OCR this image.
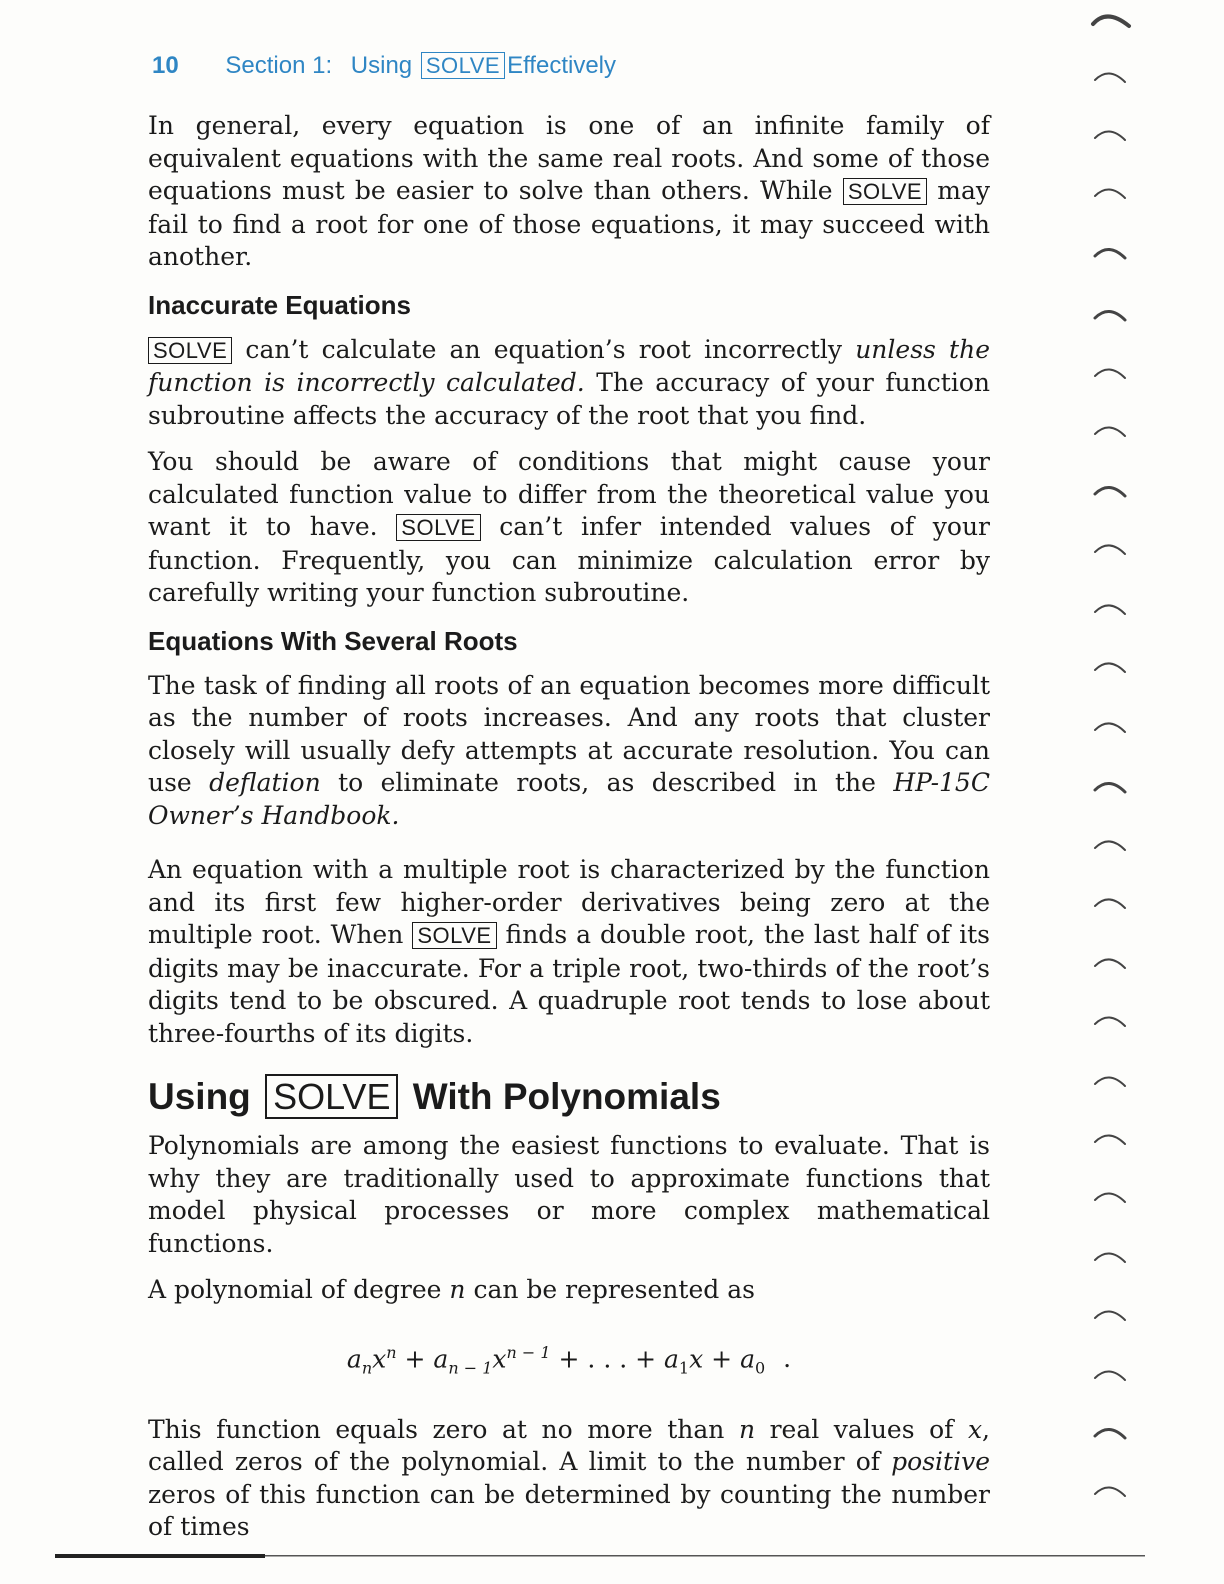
10 Section 1: Using SOLVE Effectively

In general, every equation is one of an infinite family of equivalent equations with the same real roots. And some of those equations must be easier to solve than others. While SOLVE may fail to find a root for one of those equations, it may succeed with another.

Inaccurate Equations

SOLVE can’t calculate an equation’s root incorrectly unless the function is incorrectly calculated. The accuracy of your function subroutine affects the accuracy of the root that you find.

You should be aware of conditions that might cause your calculated function value to differ from the theoretical value you want it to have. SOLVE can’t infer intended values of your function. Frequently, you can minimize calculation error by carefully writing your function subroutine.

Equations With Several Roots

The task of finding all roots of an equation becomes more difficult as the number of roots increases. And any roots that cluster closely will usually defy attempts at accurate resolution. You can use deflation to eliminate roots, as described in the HP-15C Owner’s Handbook.

An equation with a multiple root is characterized by the function and its first few higher-order derivatives being zero at the multiple root. When SOLVE finds a double root, the last half of its digits may be inaccurate. For a triple root, two-thirds of the root’s digits tend to be obscured. A quadruple root tends to lose about three-fourths of its digits.

Using SOLVE With Polynomials

Polynomials are among the easiest functions to evaluate. That is why they are traditionally used to approximate functions that model physical processes or more complex mathematical functions.

A polynomial of degree n can be represented as

$a_nx^n + a_{n - 1}x^{n - 1}$ + . . . + $a_1x + a_0$ .

This function equals zero at no more than n real values of x, called zeros of the polynomial. A limit to the number of positive zeros of this function can be determined by counting the number of times
